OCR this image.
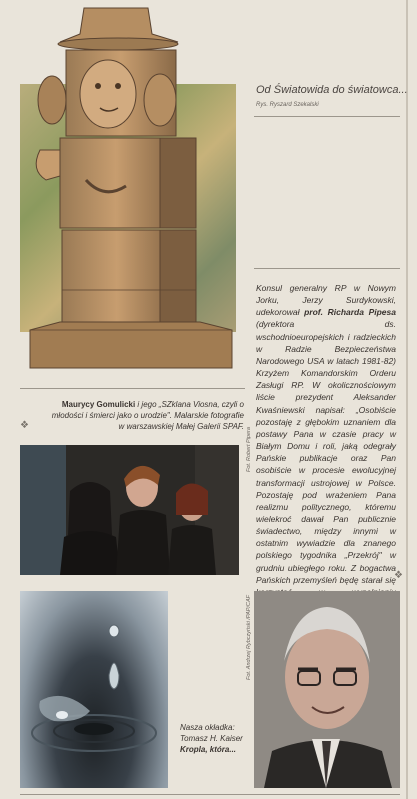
Od Światowida do światowca...
Rys. Ryszard Szekalski

Konsul generalny RP w Nowym Jorku, Jerzy Surdykowski, udekorował prof. Richarda Pipesa (dyrektora ds. wschodnioeuropejskich i radzieckich w Radzie Bezpieczeństwa Narodowego USA w latach 1981-82) Krzyżem Komandorskim Orderu Zasługi RP. W okolicznościowym liście prezydent Aleksander Kwaśniewski napisał: „Osobiście pozostaję z głębokim uznaniem dla postawy Pana w czasie pracy w Białym Domu i roli, jaką odegrały Pańskie publikacje oraz Pan osobiście w procesie ewolucyjnej transformacji ustrojowej w Polsce. Pozostaję pod wrażeniem Pana realizmu politycznego, któremu wielekroć dawał Pan publicznie świadectwo, między innymi w ostatnim wywiadzie dla znanego polskiego tygodnika „Przekrój" w grudniu ubiegłego roku. Z bogactwa Pańskich przemyśleń będę starał się

❖

Maurycy Gomulicki i jego „SZklana Viosna, czyli o młodości i śmierci jako o urodzie". Malarskie fotografie w warszawskiej Małej Galerii SPAF.

❖
Fot. Robert Pipera

Nasza okładka: Tomasz H. Kaiser Kropla, która...

Fot. Andrzej Rybczyński /PAP/CAF
